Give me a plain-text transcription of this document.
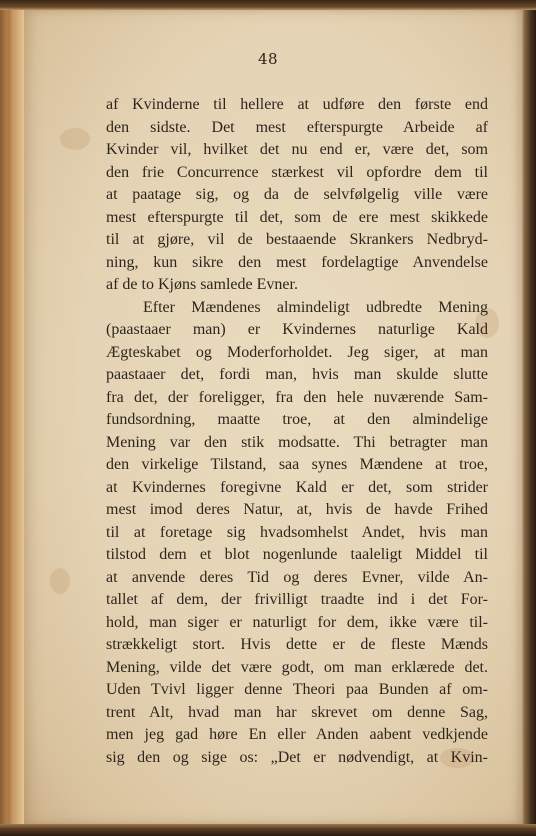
48
af Kvinderne til hellere at udføre den første end
den sidste. Det mest efterspurgte Arbeide af
Kvinder vil, hvilket det nu end er, være det, som
den frie Concurrence stærkest vil opfordre dem til
at paatage sig, og da de selvfølgelig ville være
mest efterspurgte til det, som de ere mest skikkede
til at gjøre, vil de bestaaende Skrankers Nedbryd-
ning, kun sikre den mest fordelagtige Anvendelse
af de to Kjøns samlede Evner.
Efter Mændenes almindeligt udbredte Mening
(paastaaer man) er Kvindernes naturlige Kald
Ægteskabet og Moderforholdet. Jeg siger, at man
paastaaer det, fordi man, hvis man skulde slutte
fra det, der foreligger, fra den hele nuværende Sam-
fundsordning, maatte troe, at den almindelige
Mening var den stik modsatte. Thi betragter man
den virkelige Tilstand, saa synes Mændene at troe,
at Kvindernes foregivne Kald er det, som strider
mest imod deres Natur, at, hvis de havde Frihed
til at foretage sig hvadsomhelst Andet, hvis man
tilstod dem et blot nogenlunde taaleligt Middel til
at anvende deres Tid og deres Evner, vilde An-
tallet af dem, der frivilligt traadte ind i det For-
hold, man siger er naturligt for dem, ikke være til-
strækkeligt stort. Hvis dette er de fleste Mænds
Mening, vilde det være godt, om man erklærede det.
Uden Tvivl ligger denne Theori paa Bunden af om-
trent Alt, hvad man har skrevet om denne Sag,
men jeg gad høre En eller Anden aabent vedkjende
sig den og sige os: „Det er nødvendigt, at Kvin-
